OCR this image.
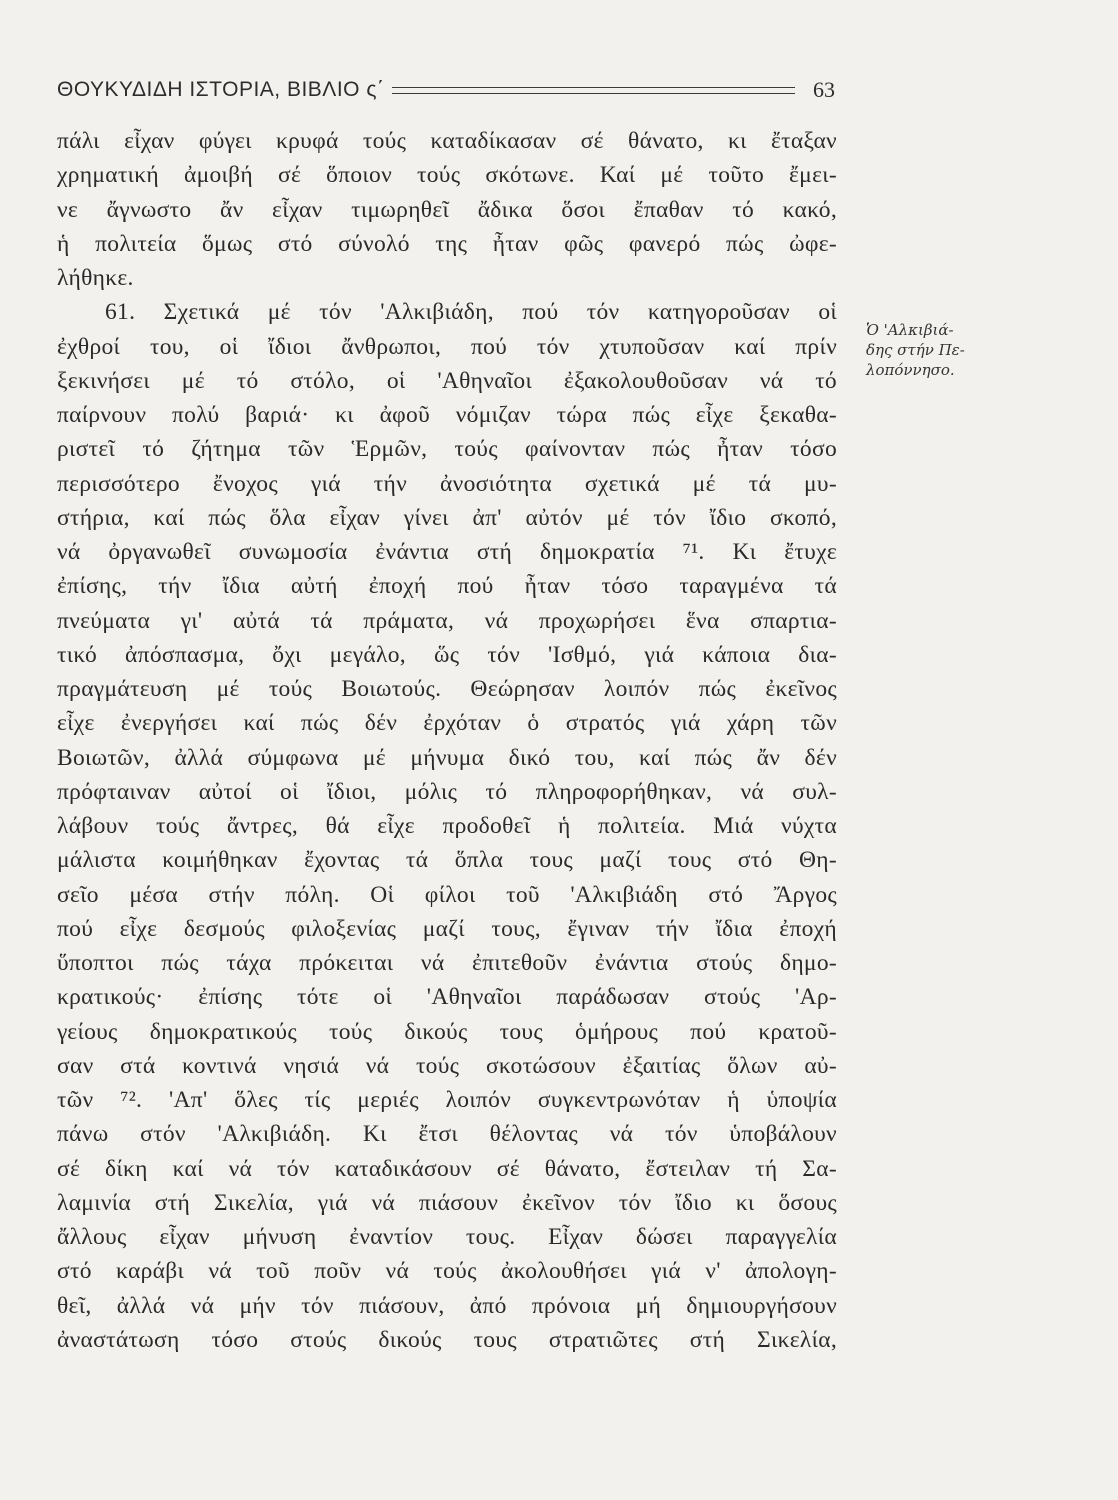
ΘΟΥΚΥΔΙΔΗ ΙΣΤΟΡΙΑ, ΒΙΒΛΙΟ ς΄	63
Ὁ 'Αλκιβιά-
δης στήν Πε-
λοπόννησο.
πάλι εἶχαν φύγει κρυφά τούς καταδίκασαν σέ θάνατο, κι ἔταξαν
χρηματική ἀμοιβή σέ ὅποιον τούς σκότωνε. Καί μέ τοῦτο ἔμει-
νε ἄγνωστο ἄν εἶχαν τιμωρηθεῖ ἄδικα ὅσοι ἔπαθαν τό κακό,
ἡ πολιτεία ὅμως στό σύνολό της ἦταν φῶς φανερό πώς ὠφε-
λήθηκε.
61. Σχετικά μέ τόν 'Αλκιβιάδη, πού τόν κατηγοροῦσαν οἱ
ἐχθροί του, οἱ ἴδιοι ἄνθρωποι, πού τόν χτυποῦσαν καί πρίν
ξεκινήσει μέ τό στόλο, οἱ 'Αθηναῖοι ἐξακολουθοῦσαν νά τό
παίρνουν πολύ βαριά· κι ἀφοῦ νόμιζαν τώρα πώς εἶχε ξεκαθα-
ριστεῖ τό ζήτημα τῶν Ἑρμῶν, τούς φαίνονταν πώς ἦταν τόσο
περισσότερο ἔνοχος γιά τήν ἀνοσιότητα σχετικά μέ τά μυ-
στήρια, καί πώς ὅλα εἶχαν γίνει ἀπ' αὐτόν μέ τόν ἴδιο σκοπό,
νά ὀργανωθεῖ συνωμοσία ἐνάντια στή δημοκρατία ⁷¹. Κι ἔτυχε
ἐπίσης, τήν ἴδια αὐτή ἐποχή πού ἦταν τόσο ταραγμένα τά
πνεύματα γι' αὐτά τά πράματα, νά προχωρήσει ἕνα σπαρτια-
τικό ἀπόσπασμα, ὄχι μεγάλο, ὥς τόν 'Ισθμό, γιά κάποια δια-
πραγμάτευση μέ τούς Βοιωτούς. Θεώρησαν λοιπόν πώς ἐκεῖνος
εἶχε ἐνεργήσει καί πώς δέν ἐρχόταν ὁ στρατός γιά χάρη τῶν
Βοιωτῶν, ἀλλά σύμφωνα μέ μήνυμα δικό του, καί πώς ἄν δέν
πρόφταιναν αὐτοί οἱ ἴδιοι, μόλις τό πληροφορήθηκαν, νά συλ-
λάβουν τούς ἄντρες, θά εἶχε προδοθεῖ ἡ πολιτεία. Μιά νύχτα
μάλιστα κοιμήθηκαν ἔχοντας τά ὅπλα τους μαζί τους στό Θη-
σεῖο μέσα στήν πόλη. Οἱ φίλοι τοῦ 'Αλκιβιάδη στό Ἄργος
πού εἶχε δεσμούς φιλοξενίας μαζί τους, ἔγιναν τήν ἴδια ἐποχή
ὕποπτοι πώς τάχα πρόκειται νά ἐπιτεθοῦν ἐνάντια στούς δημο-
κρατικούς· ἐπίσης τότε οἱ 'Αθηναῖοι παράδωσαν στούς 'Αρ-
γείους δημοκρατικούς τούς δικούς τους ὁμήρους πού κρατοῦ-
σαν στά κοντινά νησιά νά τούς σκοτώσουν ἐξαιτίας ὅλων αὐ-
τῶν ⁷². 'Απ' ὅλες τίς μεριές λοιπόν συγκεντρωνόταν ἡ ὑποψία
πάνω στόν 'Αλκιβιάδη. Κι ἔτσι θέλοντας νά τόν ὑποβάλουν
σέ δίκη καί νά τόν καταδικάσουν σέ θάνατο, ἔστειλαν τή Σα-
λαμινία στή Σικελία, γιά νά πιάσουν ἐκεῖνον τόν ἴδιο κι ὅσους
ἄλλους εἶχαν μήνυση ἐναντίον τους. Εἶχαν δώσει παραγγελία
στό καράβι νά τοῦ ποῦν νά τούς ἀκολουθήσει γιά ν' ἀπολογη-
θεῖ, ἀλλά νά μήν τόν πιάσουν, ἀπό πρόνοια μή δημιουργήσουν
ἀναστάτωση τόσο στούς δικούς τους στρατιῶτες στή Σικελία,
